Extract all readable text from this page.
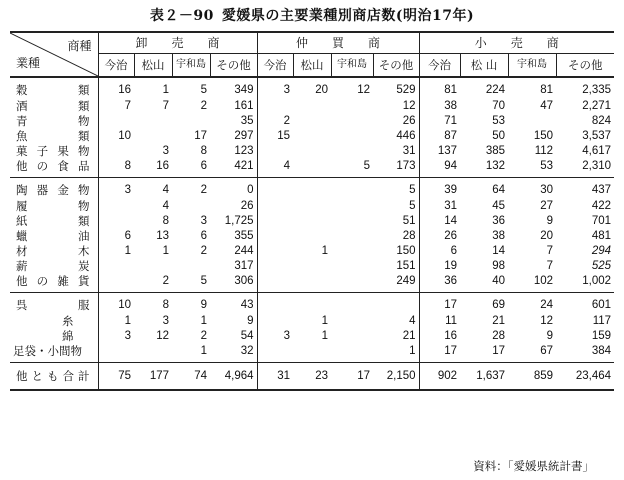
表２－90 愛媛県の主要業種別商店数(明治17年)
商種
業種	卸　　売　　商				仲　　買　　商				小　　売　　商			
	今治	松山	宇和島	その他	今治	松山	宇和島	その他	今治	松 山	宇和島	その他
穀類	16	1	5	349	3	20	12	529	81	224	81	2,335
酒類	7	7	2	161				12	38	70	47	2,271
青物				35	2			26	71	53		824
魚類	10		17	297	15			446	87	50	150	3,537
菓子果物		3	8	123				31	137	385	112	4,617
他の食品	8	16	6	421	4		5	173	94	132	53	2,310
陶器金物	3	4	2	0				5	39	64	30	437
履物		4		26				5	31	45	27	422
紙類		8	3	1,725				51	14	36	9	701
蠟油	6	13	6	355				28	26	38	20	481
材木	1	1	2	244		1		150	6	14	7	294
薪炭				317				151	19	98	7	525
他の雑貨		2	5	306				249	36	40	102	1,002
呉服	10	8	9	43					17	69	24	601
糸	1	3	1	9		1		4	11	21	12	117
綿	3	12	2	54	3	1		21	16	28	9	159
足袋・小間物			1	32				1	17	17	67	384
他とも合計	75	177	74	4,964	31	23	17	2,150	902	1,637	859	23,464
資料：「愛媛県統計書」
